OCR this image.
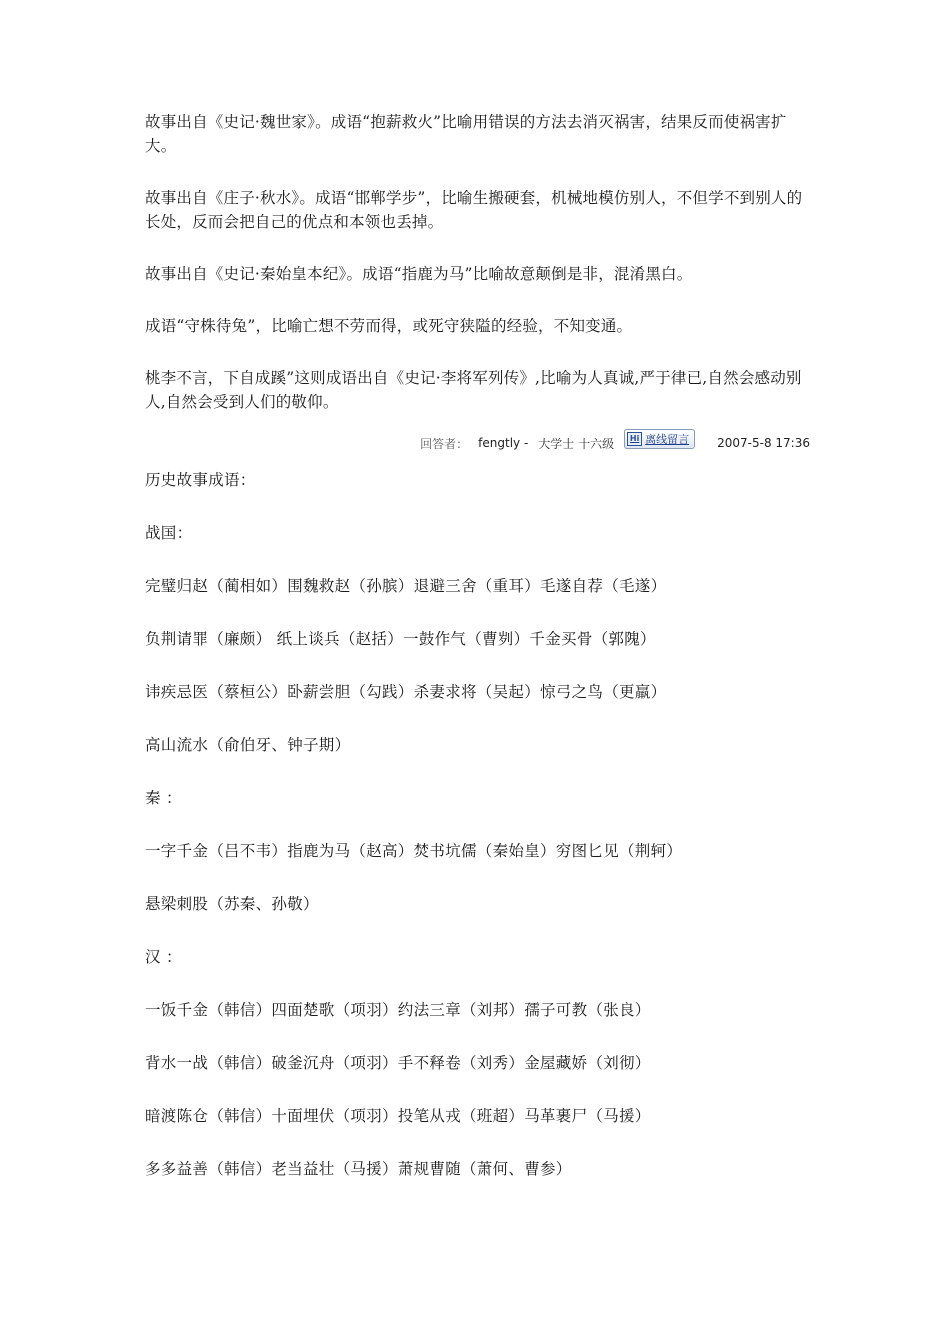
故事出自《史记·魏世家》。成语“抱薪救火”比喻用错误的方法去消灭祸害，结果反而使祸害扩大。

故事出自《庄子·秋水》。成语“邯郸学步”，比喻生搬硬套，机械地模仿别人，不但学不到别人的长处，反而会把自己的优点和本领也丢掉。

故事出自《史记·秦始皇本纪》。成语“指鹿为马”比喻故意颠倒是非，混淆黑白。

成语“守株待兔”，比喻亡想不劳而得，或死守狭隘的经验，不知变通。

桃李不言，下自成蹊”这则成语出自《史记·李将军列传》,比喻为人真诚,严于律已,自然会感动别人,自然会受到人们的敬仰。

回答者： fengtly - 大学士 十六级	Hi 离线留言 2007-5-8 17:36

历史故事成语：

战国：

完璧归赵（蔺相如）围魏救赵（孙膑）退避三舍（重耳）毛遂自荐（毛遂）

负荆请罪（廉颇） 纸上谈兵（赵括）一鼓作气（曹刿）千金买骨（郭隗）

讳疾忌医（蔡桓公）卧薪尝胆（勾践）杀妻求将（吴起）惊弓之鸟（更羸）

高山流水（俞伯牙、钟子期）

秦 ：

一字千金（吕不韦）指鹿为马（赵高）焚书坑儒（秦始皇）穷图匕见（荆轲）

悬梁刺股（苏秦、孙敬）

汉 ：

一饭千金（韩信）四面楚歌（项羽）约法三章（刘邦）孺子可教（张良）

背水一战（韩信）破釜沉舟（项羽）手不释卷（刘秀）金屋藏娇（刘彻）

暗渡陈仓（韩信）十面埋伏（项羽）投笔从戎（班超）马革裹尸（马援）

多多益善（韩信）老当益壮（马援）萧规曹随（萧何、曹参）
